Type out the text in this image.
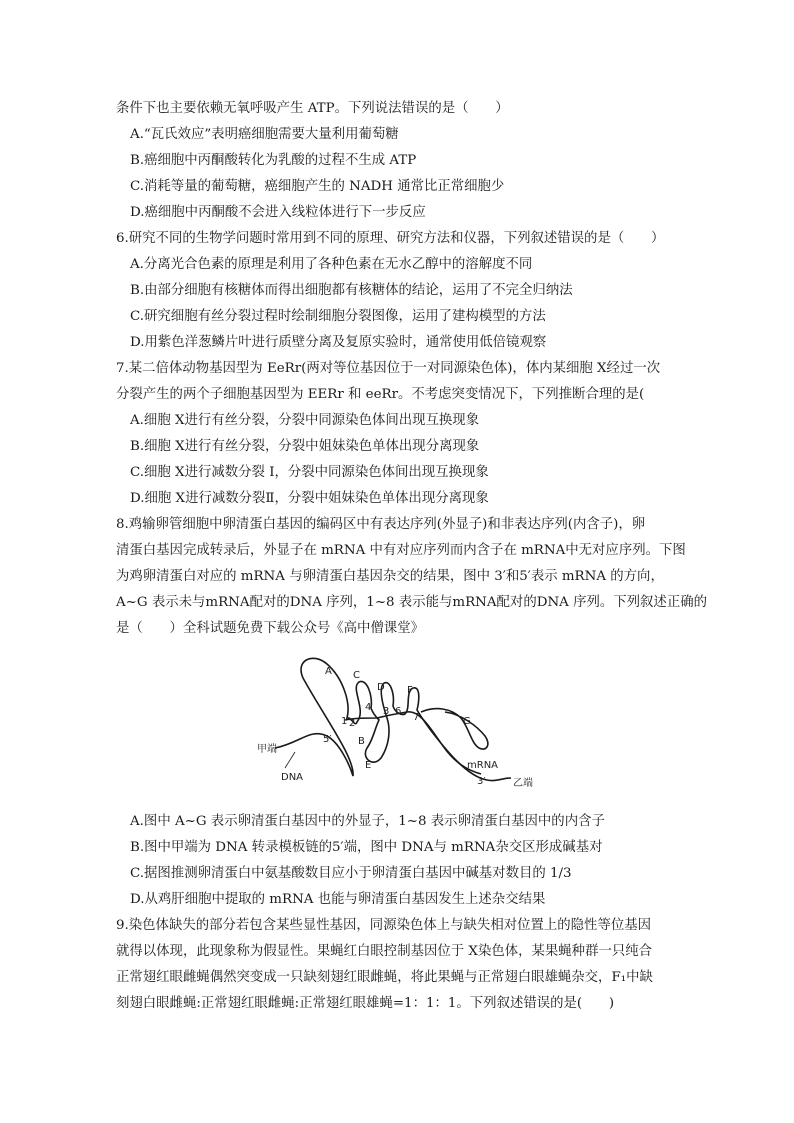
条件下也主要依赖无氧呼吸产生 ATP。下列说法错误的是（　　）
A.“瓦氏效应”表明癌细胞需要大量利用葡萄糖
B.癌细胞中丙酮酸转化为乳酸的过程不生成 ATP
C.消耗等量的葡萄糖，癌细胞产生的 NADH 通常比正常细胞少
D.癌细胞中丙酮酸不会进入线粒体进行下一步反应
6.研究不同的生物学问题时常用到不同的原理、研究方法和仪器，下列叙述错误的是（　　）
A.分离光合色素的原理是利用了各种色素在无水乙醇中的溶解度不同
B.由部分细胞有核糖体而得出细胞都有核糖体的结论，运用了不完全归纳法
C.研究细胞有丝分裂过程时绘制细胞分裂图像，运用了建构模型的方法
D.用紫色洋葱鳞片叶进行质壁分离及复原实验时，通常使用低倍镜观察
7.某二倍体动物基因型为 EeRr(两对等位基因位于一对同源染色体)，体内某细胞 X经过一次
分裂产生的两个子细胞基因型为 EERr 和 eeRr。不考虑突变情况下，下列推断合理的是(
A.细胞 X进行有丝分裂，分裂中同源染色体间出现互换现象
B.细胞 X进行有丝分裂，分裂中姐妹染色单体出现分离现象
C.细胞 X进行减数分裂 I，分裂中同源染色体间出现互换现象
D.细胞 X进行减数分裂Ⅱ，分裂中姐妹染色单体出现分离现象
8.鸡输卵管细胞中卵清蛋白基因的编码区中有表达序列(外显子)和非表达序列(内含子)，卵
清蛋白基因完成转录后，外显子在 mRNA 中有对应序列而内含子在 mRNA中无对应序列。下图
为鸡卵清蛋白对应的 mRNA 与卵清蛋白基因杂交的结果，图中 3′和5′表示 mRNA 的方向，
A~G 表示未与mRNA配对的DNA 序列，1~8 表示能与mRNA配对的DNA 序列。下列叙述正确的
是（　　）全科试题免费下载公众号《高中僧课堂》
A C
D F
G
B
E
1 2
4 3 6
7
5′
3′
甲端
DNA
mRNA
乙端
A.图中 A~G 表示卵清蛋白基因中的外显子，1~8 表示卵清蛋白基因中的内含子
B.图中甲端为 DNA 转录模板链的5′端，图中 DNA与 mRNA杂交区形成碱基对
C.据图推测卵清蛋白中氨基酸数目应小于卵清蛋白基因中碱基对数目的 1/3
D.从鸡肝细胞中提取的 mRNA 也能与卵清蛋白基因发生上述杂交结果
9.染色体缺失的部分若包含某些显性基因，同源染色体上与缺失相对位置上的隐性等位基因
就得以体现，此现象称为假显性。果蝇红白眼控制基因位于 X染色体，某果蝇种群一只纯合
正常翅红眼雌蝇偶然突变成一只缺刻翅红眼雌蝇，将此果蝇与正常翅白眼雄蝇杂交，F₁中缺
刻翅白眼雌蝇:正常翅红眼雌蝇:正常翅红眼雄蝇=1：1：1。下列叙述错误的是(　　)
